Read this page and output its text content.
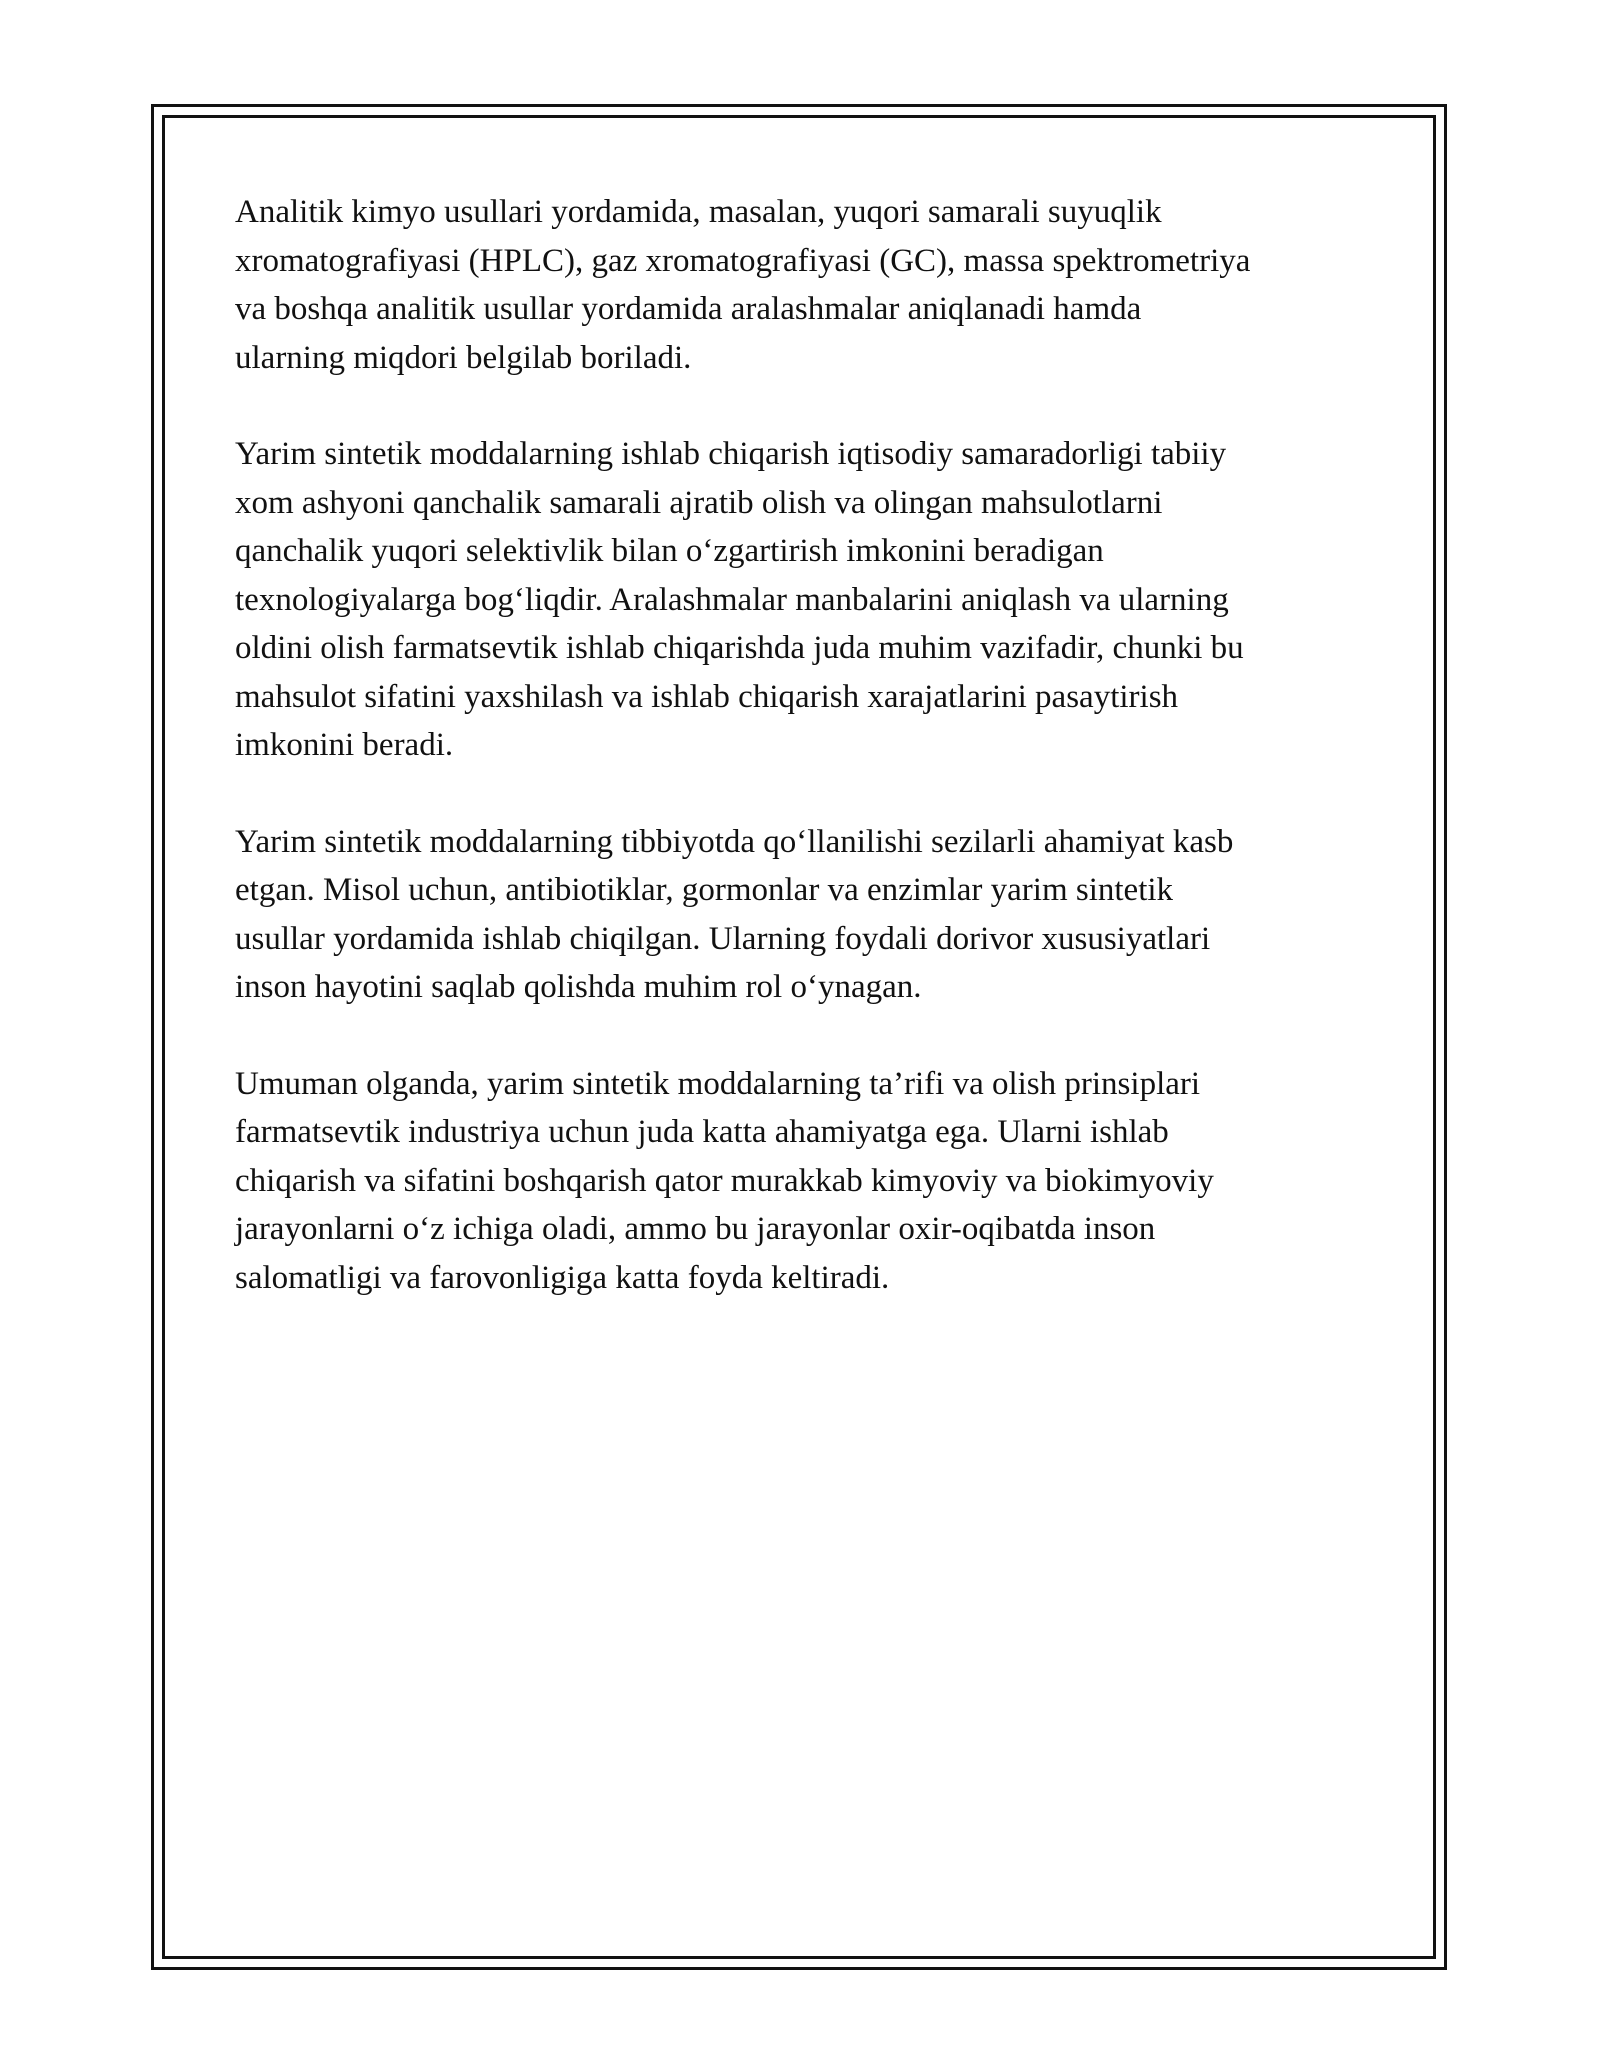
Analitik kimyo usullari yordamida, masalan, yuqori samarali suyuqlik
xromatografiyasi (HPLC), gaz xromatografiyasi (GC), massa spektrometriya
va boshqa analitik usullar yordamida aralashmalar aniqlanadi hamda
ularning miqdori belgilab boriladi.

Yarim sintetik moddalarning ishlab chiqarish iqtisodiy samaradorligi tabiiy
xom ashyoni qanchalik samarali ajratib olish va olingan mahsulotlarni
qanchalik yuqori selektivlik bilan o‘zgartirish imkonini beradigan
texnologiyalarga bog‘liqdir. Aralashmalar manbalarini aniqlash va ularning
oldini olish farmatsevtik ishlab chiqarishda juda muhim vazifadir, chunki bu
mahsulot sifatini yaxshilash va ishlab chiqarish xarajatlarini pasaytirish
imkonini beradi.

Yarim sintetik moddalarning tibbiyotda qo‘llanilishi sezilarli ahamiyat kasb
etgan. Misol uchun, antibiotiklar, gormonlar va enzimlar yarim sintetik
usullar yordamida ishlab chiqilgan. Ularning foydali dorivor xususiyatlari
inson hayotini saqlab qolishda muhim rol o‘ynagan.

Umuman olganda, yarim sintetik moddalarning ta’rifi va olish prinsiplari
farmatsevtik industriya uchun juda katta ahamiyatga ega. Ularni ishlab
chiqarish va sifatini boshqarish qator murakkab kimyoviy va biokimyoviy
jarayonlarni o‘z ichiga oladi, ammo bu jarayonlar oxir-oqibatda inson
salomatligi va farovonligiga katta foyda keltiradi.
